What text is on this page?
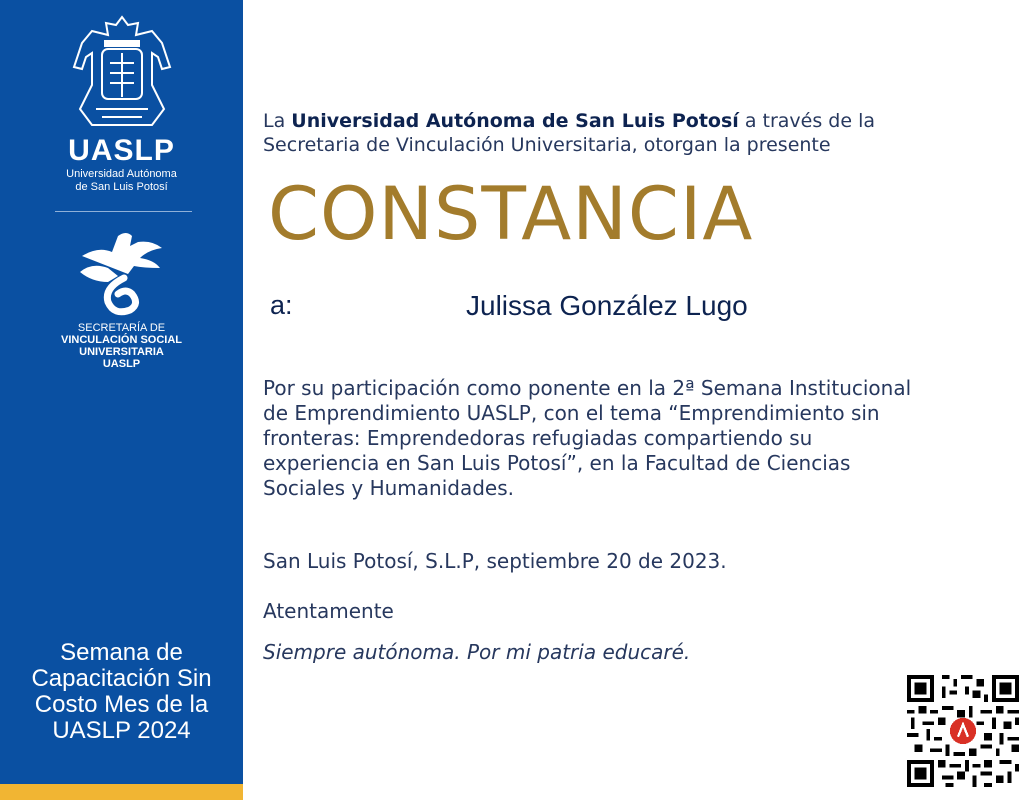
UASLP
Universidad Autónoma
de San Luis Potosí
SECRETARÍA DE
VINCULACIÓN SOCIAL
UNIVERSITARIA
UASLP
Semana de
Capacitación Sin
Costo Mes de la
UASLP 2024
La Universidad Autónoma de San Luis Potosí a través de la
Secretaria de Vinculación Universitaria, otorgan la presente
CONSTANCIA
a:	Julissa González Lugo
Por su participación como ponente en la 2ª Semana Institucional
de Emprendimiento UASLP, con el tema “Emprendimiento sin
fronteras: Emprendedoras refugiadas compartiendo su
experiencia en San Luis Potosí”, en la Facultad de Ciencias
Sociales y Humanidades.
San Luis Potosí, S.L.P, septiembre 20 de 2023.
Atentamente
Siempre autónoma. Por mi patria educaré.
